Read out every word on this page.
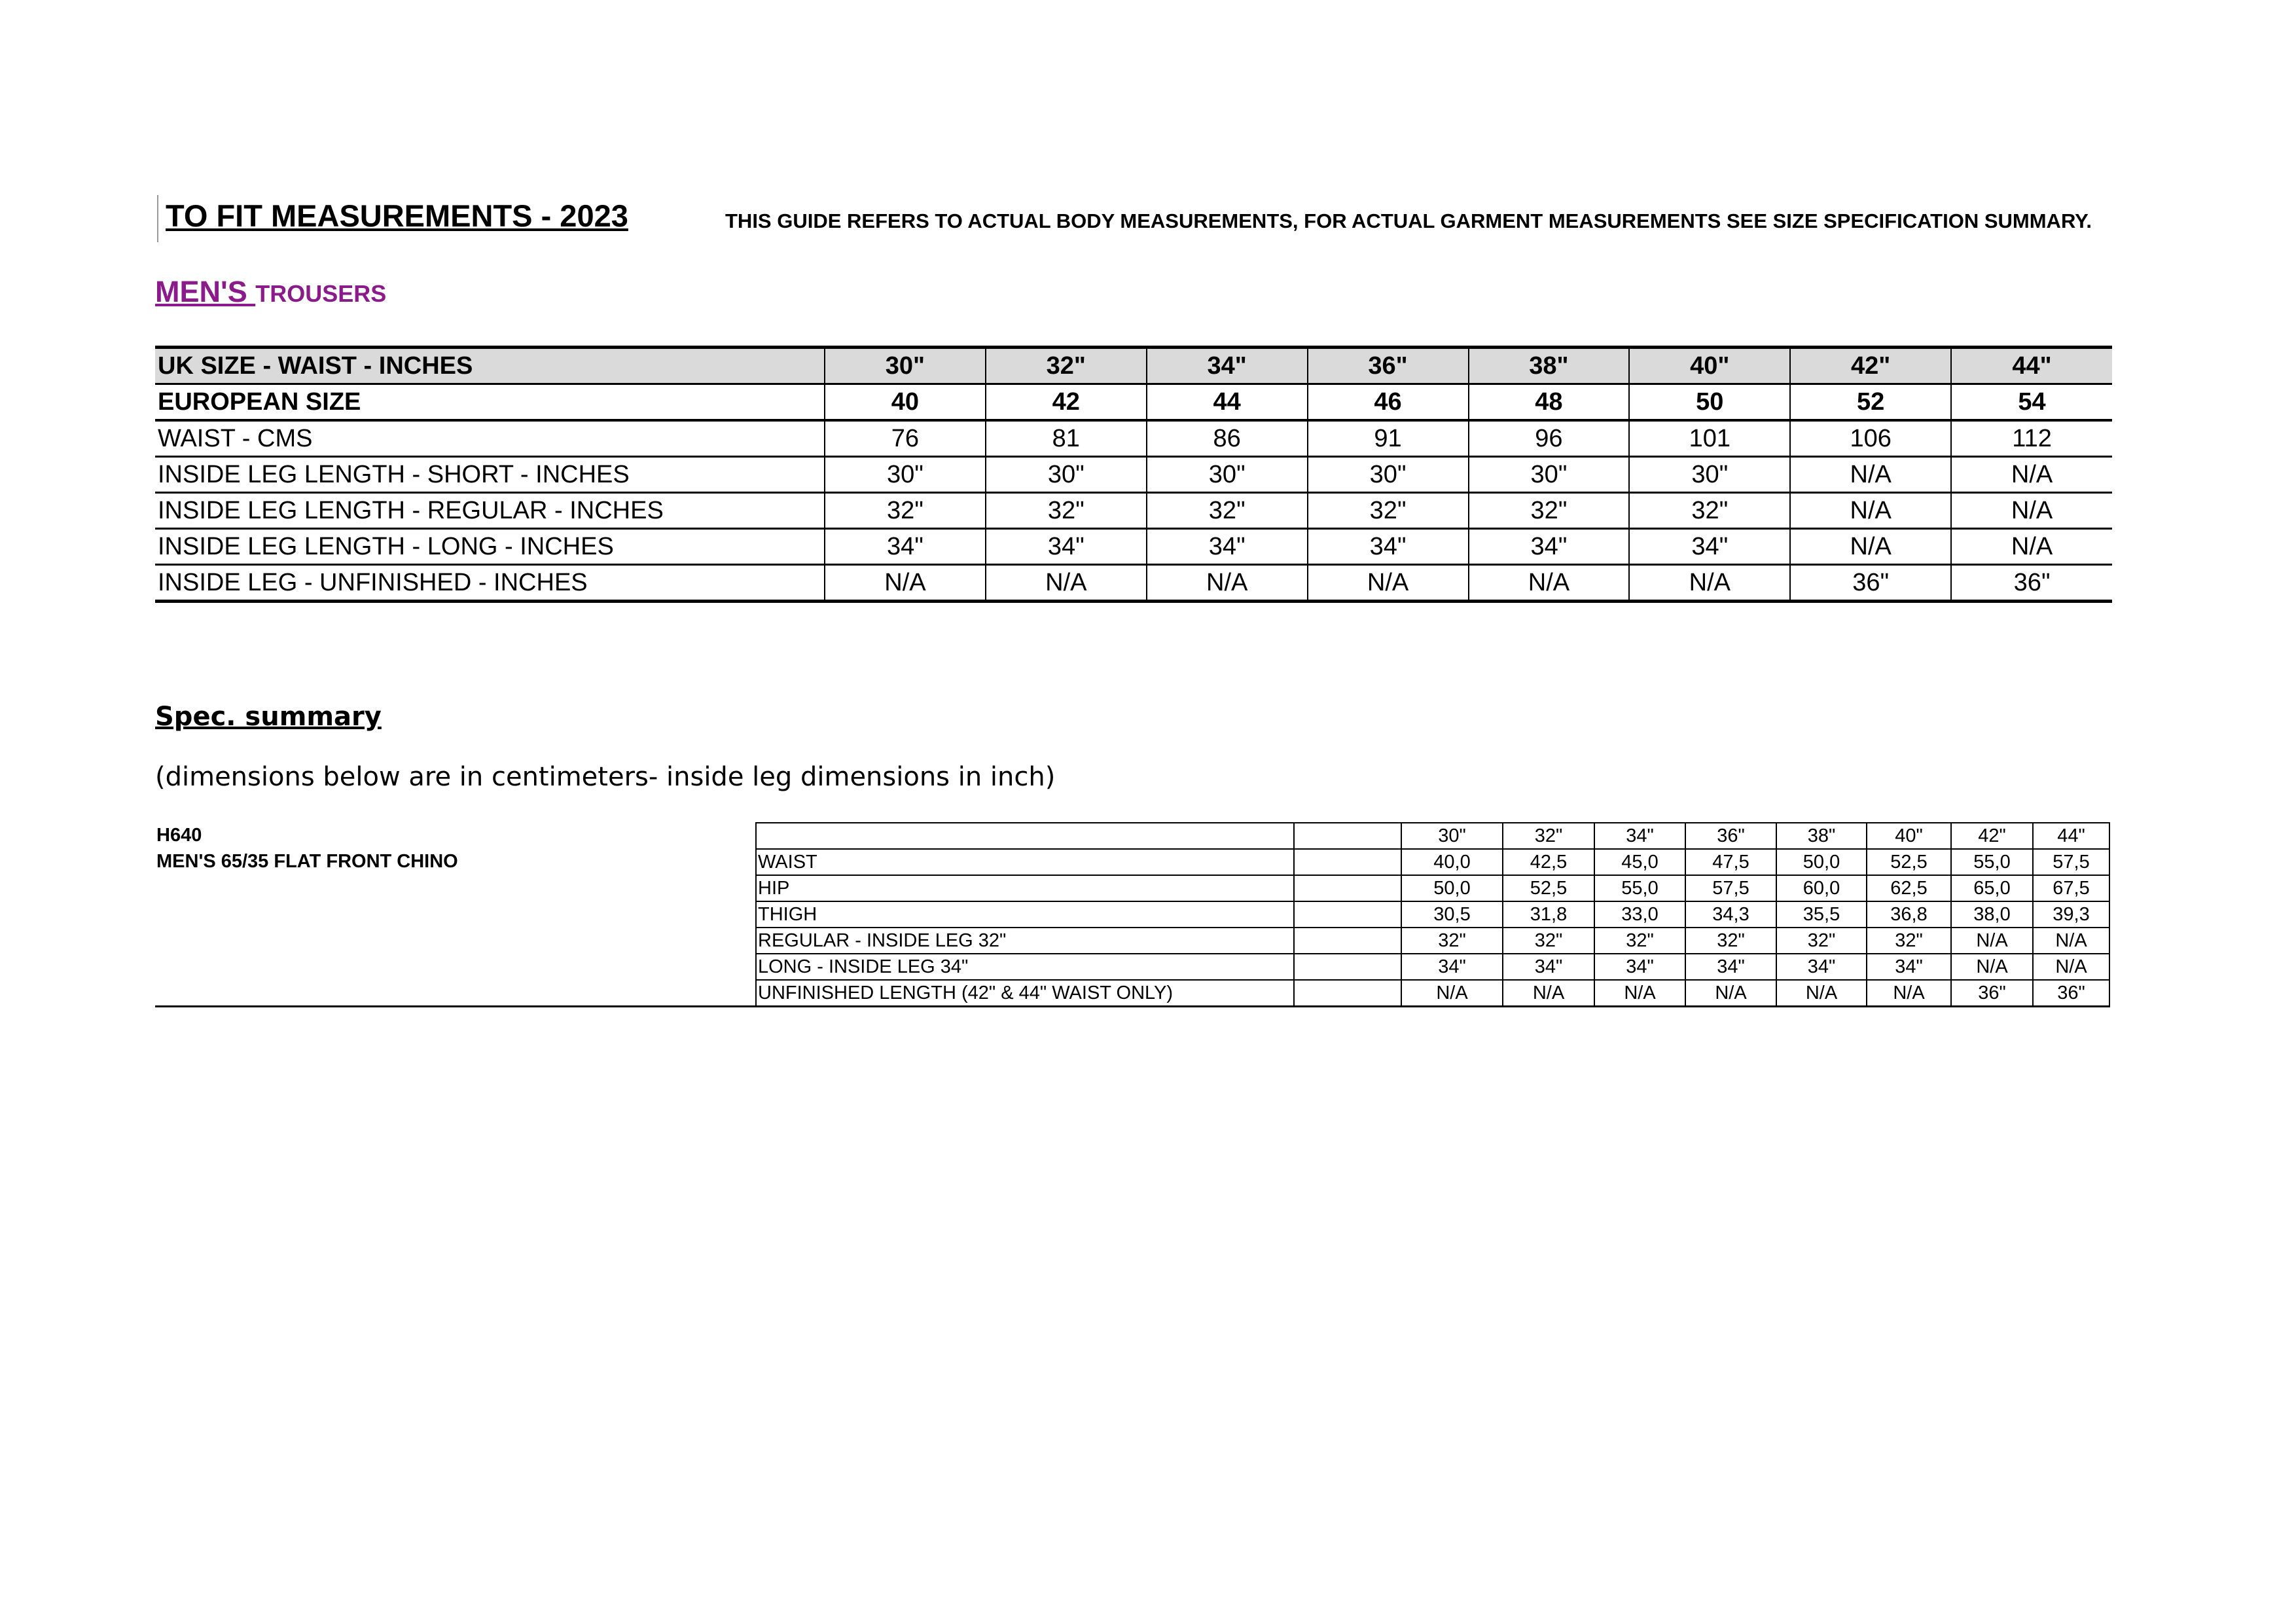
TO FIT MEASUREMENTS - 2023	THIS GUIDE REFERS TO ACTUAL BODY MEASUREMENTS, FOR ACTUAL GARMENT MEASUREMENTS SEE SIZE SPECIFICATION SUMMARY.
MEN'S TROUSERS
UK SIZE - WAIST - INCHES	30"	32"	34"	36"	38"	40"	42"	44"
EUROPEAN SIZE	40	42	44	46	48	50	52	54
WAIST - CMS	76	81	86	91	96	101	106	112
INSIDE LEG LENGTH - SHORT - INCHES	30"	30"	30"	30"	30"	30"	N/A	N/A
INSIDE LEG LENGTH - REGULAR - INCHES	32"	32"	32"	32"	32"	32"	N/A	N/A
INSIDE LEG LENGTH - LONG - INCHES	34"	34"	34"	34"	34"	34"	N/A	N/A
INSIDE LEG - UNFINISHED - INCHES	N/A	N/A	N/A	N/A	N/A	N/A	36"	36"
Spec. summary
(dimensions below are in centimeters- inside leg dimensions in inch)
H640			30"	32"	34"	36"	38"	40"	42"	44"
MEN'S 65/35 FLAT FRONT CHINO	WAIST		40,0	42,5	45,0	47,5	50,0	52,5	55,0	57,5
	HIP		50,0	52,5	55,0	57,5	60,0	62,5	65,0	67,5
	THIGH		30,5	31,8	33,0	34,3	35,5	36,8	38,0	39,3
	REGULAR - INSIDE LEG 32"		32"	32"	32"	32"	32"	32"	N/A	N/A
	LONG - INSIDE LEG 34"		34"	34"	34"	34"	34"	34"	N/A	N/A
	UNFINISHED LENGTH (42" & 44" WAIST ONLY)		N/A	N/A	N/A	N/A	N/A	N/A	36"	36"
